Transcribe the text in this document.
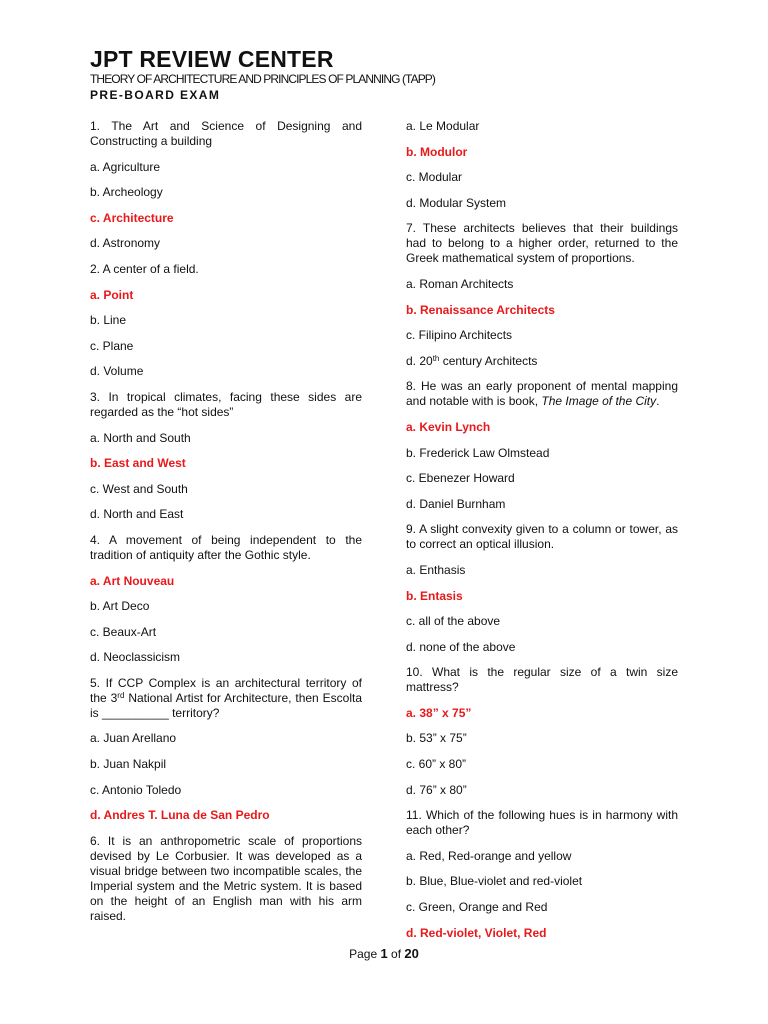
JPT REVIEW CENTER
THEORY OF ARCHITECTURE AND PRINCIPLES OF PLANNING (TAPP)
PRE-BOARD EXAM
1. The Art and Science of Designing and Constructing a building
a. Agriculture
b. Archeology
c. Architecture
d. Astronomy
2. A center of a field.
a. Point
b. Line
c. Plane
d. Volume
3. In tropical climates, facing these sides are regarded as the “hot sides”
a. North and South
b. East and West
c. West and South
d. North and East
4. A movement of being independent to the tradition of antiquity after the Gothic style.
a. Art Nouveau
b. Art Deco
c. Beaux-Art
d. Neoclassicism
5. If CCP Complex is an architectural territory of the 3rd National Artist for Architecture, then Escolta is __________ territory?
a. Juan Arellano
b. Juan Nakpil
c. Antonio Toledo
d. Andres T. Luna de San Pedro
6. It is an anthropometric scale of proportions devised by Le Corbusier. It was developed as a visual bridge between two incompatible scales, the Imperial system and the Metric system. It is based on the height of an English man with his arm raised.
a. Le Modular
b. Modulor
c. Modular
d. Modular System
7. These architects believes that their buildings had to belong to a higher order, returned to the Greek mathematical system of proportions.
a. Roman Architects
b. Renaissance Architects
c. Filipino Architects
d. 20th century Architects
8. He was an early proponent of mental mapping and notable with is book, The Image of the City.
a. Kevin Lynch
b. Frederick Law Olmstead
c. Ebenezer Howard
d. Daniel Burnham
9. A slight convexity given to a column or tower, as to correct an optical illusion.
a. Enthasis
b. Entasis
c. all of the above
d. none of the above
10. What is the regular size of a twin size mattress?
a. 38” x 75”
b. 53” x 75”
c. 60” x 80”
d. 76” x 80”
11. Which of the following hues is in harmony with each other?
a. Red, Red-orange and yellow
b. Blue, Blue-violet and red-violet
c. Green, Orange and Red
d. Red-violet, Violet, Red
Page 1 of 20
